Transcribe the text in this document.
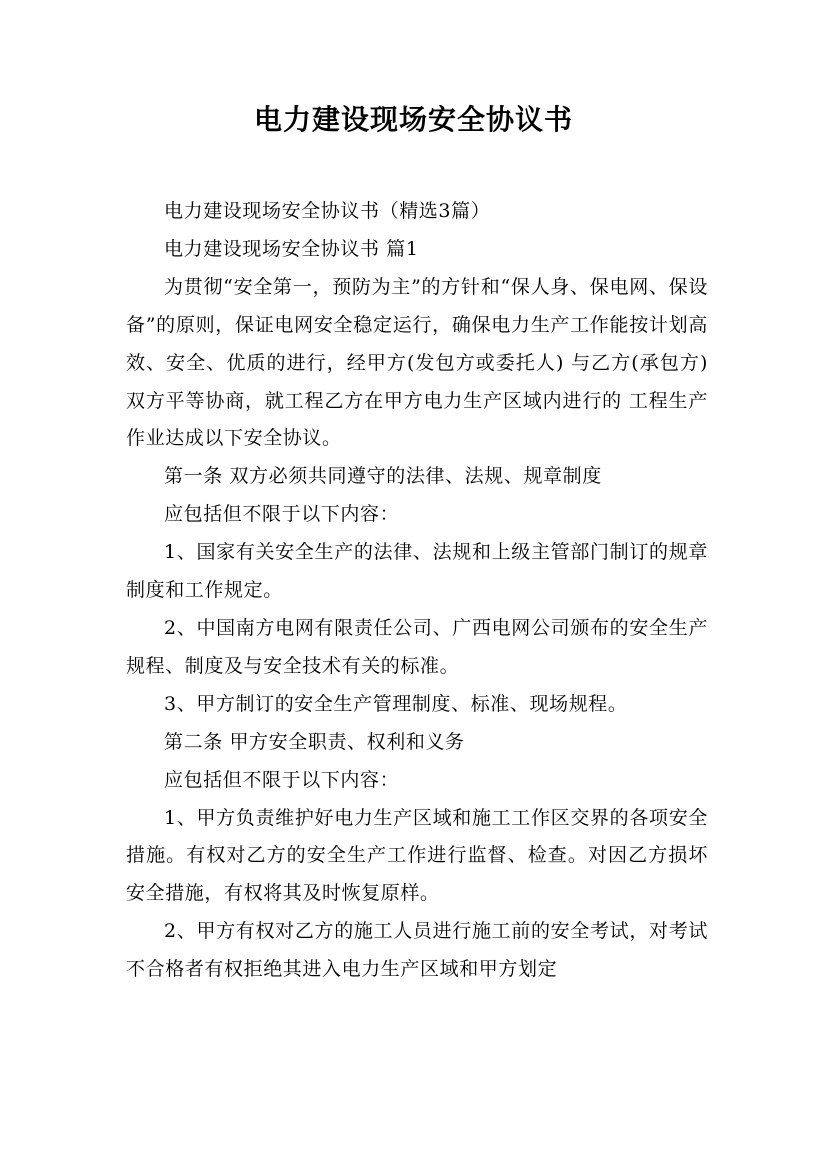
电力建设现场安全协议书

电力建设现场安全协议书（精选3篇）

电力建设现场安全协议书 篇1

为贯彻“安全第一，预防为主”的方针和“保人身、保电网、保设备”的原则，保证电网安全稳定运行，确保电力生产工作能按计划高效、安全、优质的进行，经甲方(发包方或委托人) 与乙方(承包方) 双方平等协商，就工程乙方在甲方电力生产区域内进行的 工程生产作业达成以下安全协议。

第一条 双方必须共同遵守的法律、法规、规章制度

应包括但不限于以下内容：

1、国家有关安全生产的法律、法规和上级主管部门制订的规章制度和工作规定。

2、中国南方电网有限责任公司、广西电网公司颁布的安全生产规程、制度及与安全技术有关的标准。

3、甲方制订的安全生产管理制度、标准、现场规程。

第二条 甲方安全职责、权利和义务

应包括但不限于以下内容：

1、甲方负责维护好电力生产区域和施工工作区交界的各项安全措施。有权对乙方的安全生产工作进行监督、检查。对因乙方损坏安全措施，有权将其及时恢复原样。

2、甲方有权对乙方的施工人员进行施工前的安全考试，对考试不合格者有权拒绝其进入电力生产区域和甲方划定
